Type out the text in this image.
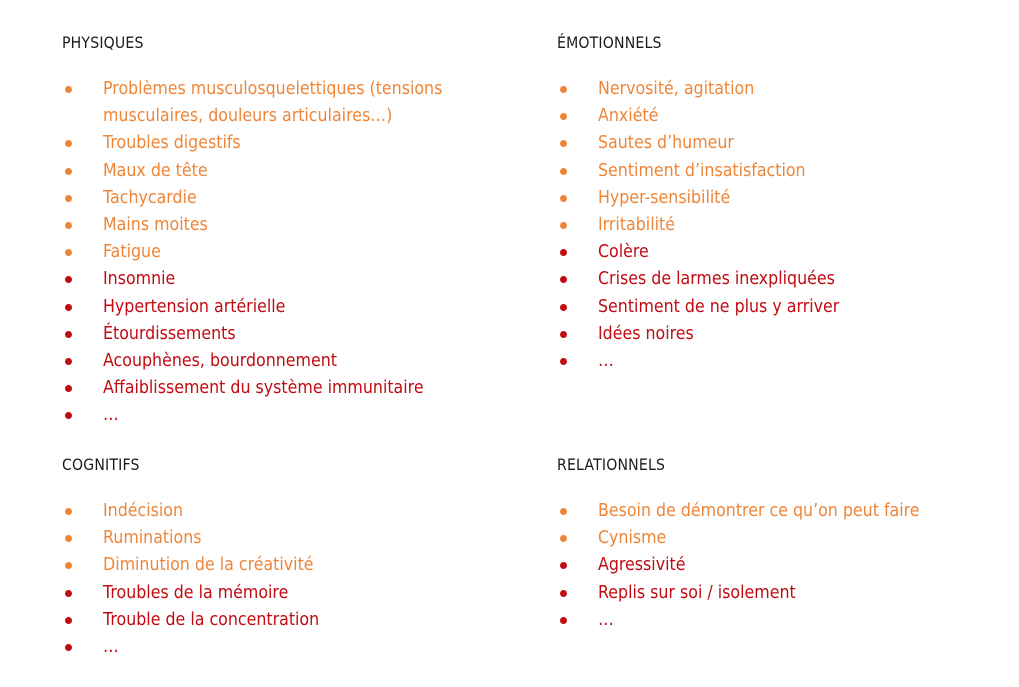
PHYSIQUES
Problèmes musculosquelettiques (tensions musculaires, douleurs articulaires…)
Troubles digestifs
Maux de tête
Tachycardie
Mains moites
Fatigue
Insomnie
Hypertension artérielle
Étourdissements
Acouphènes, bourdonnement
Affaiblissement du système immunitaire
…
ÉMOTIONNELS
Nervosité, agitation
Anxiété
Sautes d’humeur
Sentiment d’insatisfaction
Hyper-sensibilité
Irritabilité
Colère
Crises de larmes inexpliquées
Sentiment de ne plus y arriver
Idées noires
…
COGNITIFS
Indécision
Ruminations
Diminution de la créativité
Troubles de la mémoire
Trouble de la concentration
…
RELATIONNELS
Besoin de démontrer ce qu’on peut faire
Cynisme
Agressivité
Replis sur soi / isolement
…
